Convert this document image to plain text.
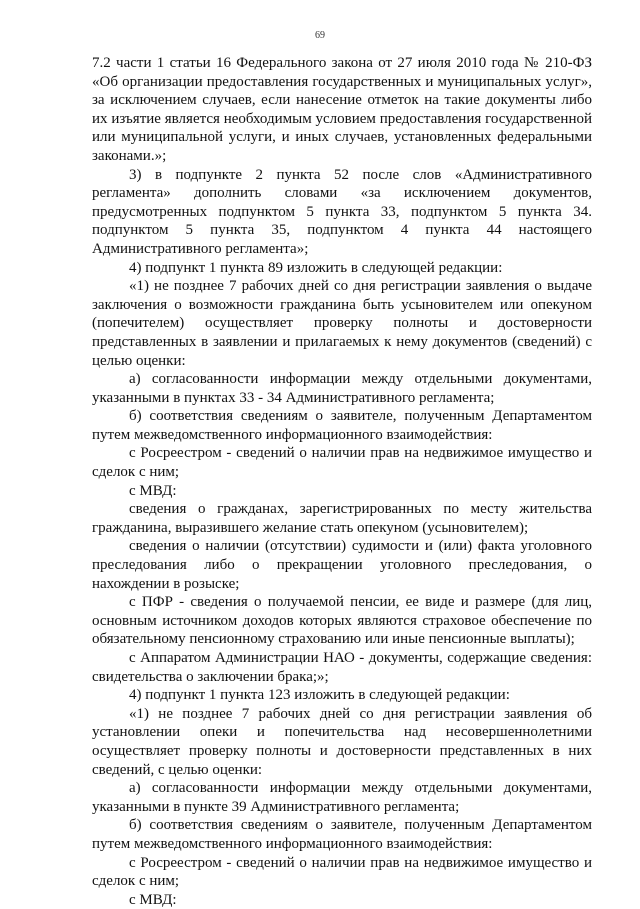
69

7.2 части 1 статьи 16 Федерального закона от 27 июля 2010 года № 210-ФЗ «Об организации предоставления государственных и муниципальных услуг», за исключением случаев, если нанесение отметок на такие документы либо их изъятие является необходимым условием предоставления государственной или муниципальной услуги, и иных случаев, установленных федеральными законами.»;

3) в подпункте 2 пункта 52 после слов «Административного регламента» дополнить словами «за исключением документов, предусмотренных подпунктом 5 пункта 33, подпунктом 5 пункта 34. подпунктом 5 пункта 35, подпунктом 4 пункта 44 настоящего Административного регламента»;

4) подпункт 1 пункта 89 изложить в следующей редакции:

«1) не позднее 7 рабочих дней со дня регистрации заявления о выдаче заключения о возможности гражданина быть усыновителем или опекуном (попечителем) осуществляет проверку полноты и достоверности представленных в заявлении и прилагаемых к нему документов (сведений) с целью оценки:

а) согласованности информации между отдельными документами, указанными в пунктах 33 - 34 Административного регламента;

б) соответствия сведениям о заявителе, полученным Департаментом путем межведомственного информационного взаимодействия:

с Росреестром - сведений о наличии прав на недвижимое имущество и сделок с ним;

с МВД:

сведения о гражданах, зарегистрированных по месту жительства гражданина, выразившего желание стать опекуном (усыновителем);

сведения о наличии (отсутствии) судимости и (или) факта уголовного преследования либо о прекращении уголовного преследования, о нахождении в розыске;

с ПФР - сведения о получаемой пенсии, ее виде и размере (для лиц, основным источником доходов которых являются страховое обеспечение по обязательному пенсионному страхованию или иные пенсионные выплаты);

с Аппаратом Администрации НАО - документы, содержащие сведения: свидетельства о заключении брака;»;

4) подпункт 1 пункта 123 изложить в следующей редакции:

«1) не позднее 7 рабочих дней со дня регистрации заявления об установлении опеки и попечительства над несовершеннолетними осуществляет проверку полноты и достоверности представленных в них сведений, с целью оценки:

а) согласованности информации между отдельными документами, указанными в пункте 39 Административного регламента;

б) соответствия сведениям о заявителе, полученным Департаментом путем межведомственного информационного взаимодействия:

с Росреестром - сведений о наличии прав на недвижимое имущество и сделок с ним;

с МВД:
